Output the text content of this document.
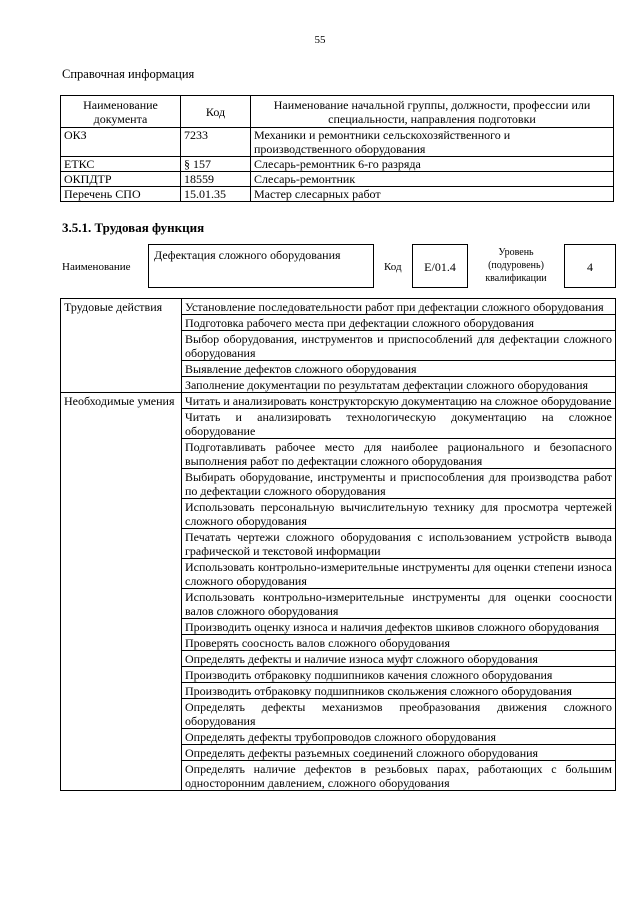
55
Справочная информация
Наименование документа	Код	Наименование начальной группы, должности, профессии или специальности, направления подготовки
ОКЗ	7233	Механики и ремонтники сельскохозяйственного и производственного оборудования
ЕТКС	§ 157	Слесарь-ремонтник 6-го разряда
ОКПДТР	18559	Слесарь-ремонтник
Перечень СПО	15.01.35	Мастер слесарных работ
3.5.1. Трудовая функция
Наименование
Дефектация сложного оборудования
Код	E/01.4
Уровень (подуровень) квалификации
4
Трудовые действия	Установление последовательности работ при дефектации сложного оборудования
	Подготовка рабочего места при дефектации сложного оборудования
	Выбор оборудования, инструментов и приспособлений для дефектации сложного оборудования
	Выявление дефектов сложного оборудования
	Заполнение документации по результатам дефектации сложного оборудования
Необходимые умения	Читать и анализировать конструкторскую документацию на сложное оборудование
	Читать и анализировать технологическую документацию на сложное оборудование
	Подготавливать рабочее место для наиболее рационального и безопасного выполнения работ по дефектации сложного оборудования
	Выбирать оборудование, инструменты и приспособления для производства работ по дефектации сложного оборудования
	Использовать персональную вычислительную технику для просмотра чертежей сложного оборудования
	Печатать чертежи сложного оборудования с использованием устройств вывода графической и текстовой информации
	Использовать контрольно-измерительные инструменты для оценки степени износа сложного оборудования
	Использовать контрольно-измерительные инструменты для оценки соосности валов сложного оборудования
	Производить оценку износа и наличия дефектов шкивов сложного оборудования
	Проверять соосность валов сложного оборудования
	Определять дефекты и наличие износа муфт сложного оборудования
	Производить отбраковку подшипников качения сложного оборудования
	Производить отбраковку подшипников скольжения сложного оборудования
	Определять дефекты механизмов преобразования движения сложного оборудования
	Определять дефекты трубопроводов сложного оборудования
	Определять дефекты разъемных соединений сложного оборудования
	Определять наличие дефектов в резьбовых парах, работающих с большим односторонним давлением, сложного оборудования
